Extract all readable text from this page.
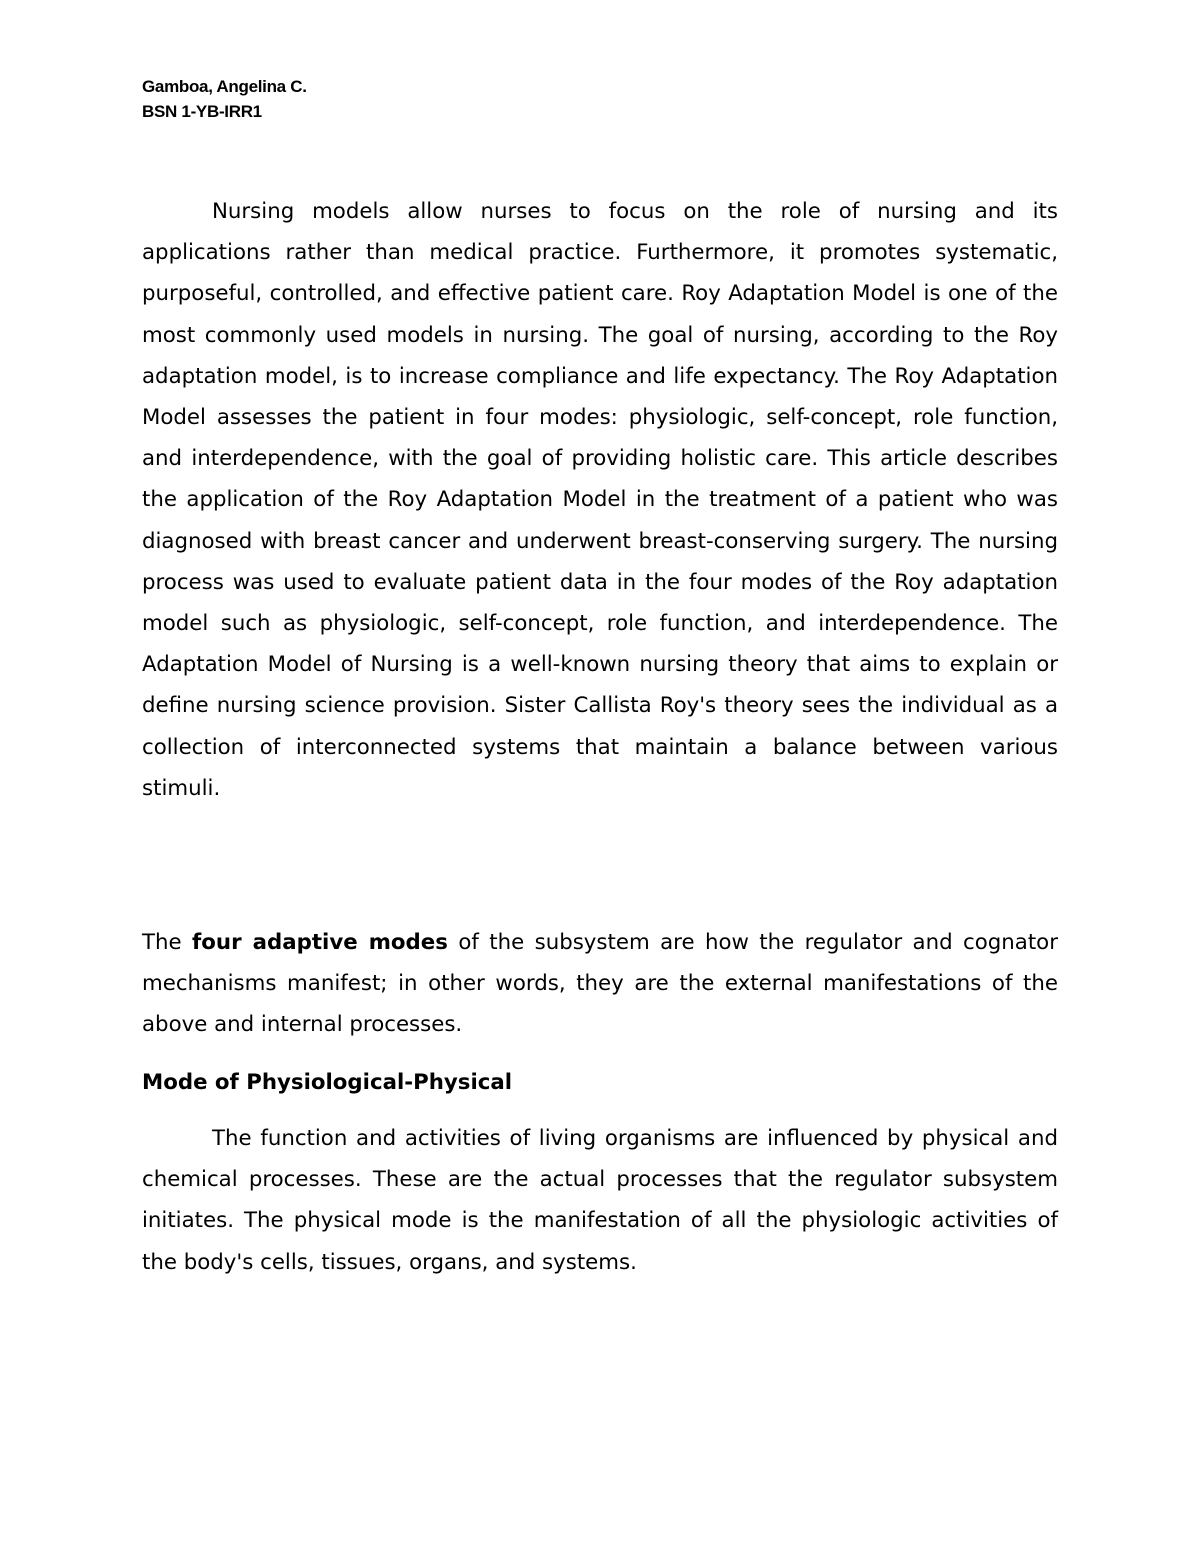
Gamboa, Angelina C.
BSN 1-YB-IRR1

Nursing models allow nurses to focus on the role of nursing and its applications rather than medical practice. Furthermore, it promotes systematic, purposeful, controlled, and effective patient care. Roy Adaptation Model is one of the most commonly used models in nursing. The goal of nursing, according to the Roy adaptation model, is to increase compliance and life expectancy. The Roy Adaptation Model assesses the patient in four modes: physiologic, self-concept, role function, and interdependence, with the goal of providing holistic care. This article describes the application of the Roy Adaptation Model in the treatment of a patient who was diagnosed with breast cancer and underwent breast-conserving surgery. The nursing process was used to evaluate patient data in the four modes of the Roy adaptation model such as physiologic, self-concept, role function, and interdependence. The Adaptation Model of Nursing is a well-known nursing theory that aims to explain or define nursing science provision. Sister Callista Roy's theory sees the individual as a collection of interconnected systems that maintain a balance between various stimuli.

The four adaptive modes of the subsystem are how the regulator and cognator mechanisms manifest; in other words, they are the external manifestations of the above and internal processes.

Mode of Physiological-Physical

The function and activities of living organisms are influenced by physical and chemical processes. These are the actual processes that the regulator subsystem initiates. The physical mode is the manifestation of all the physiologic activities of the body's cells, tissues, organs, and systems.
